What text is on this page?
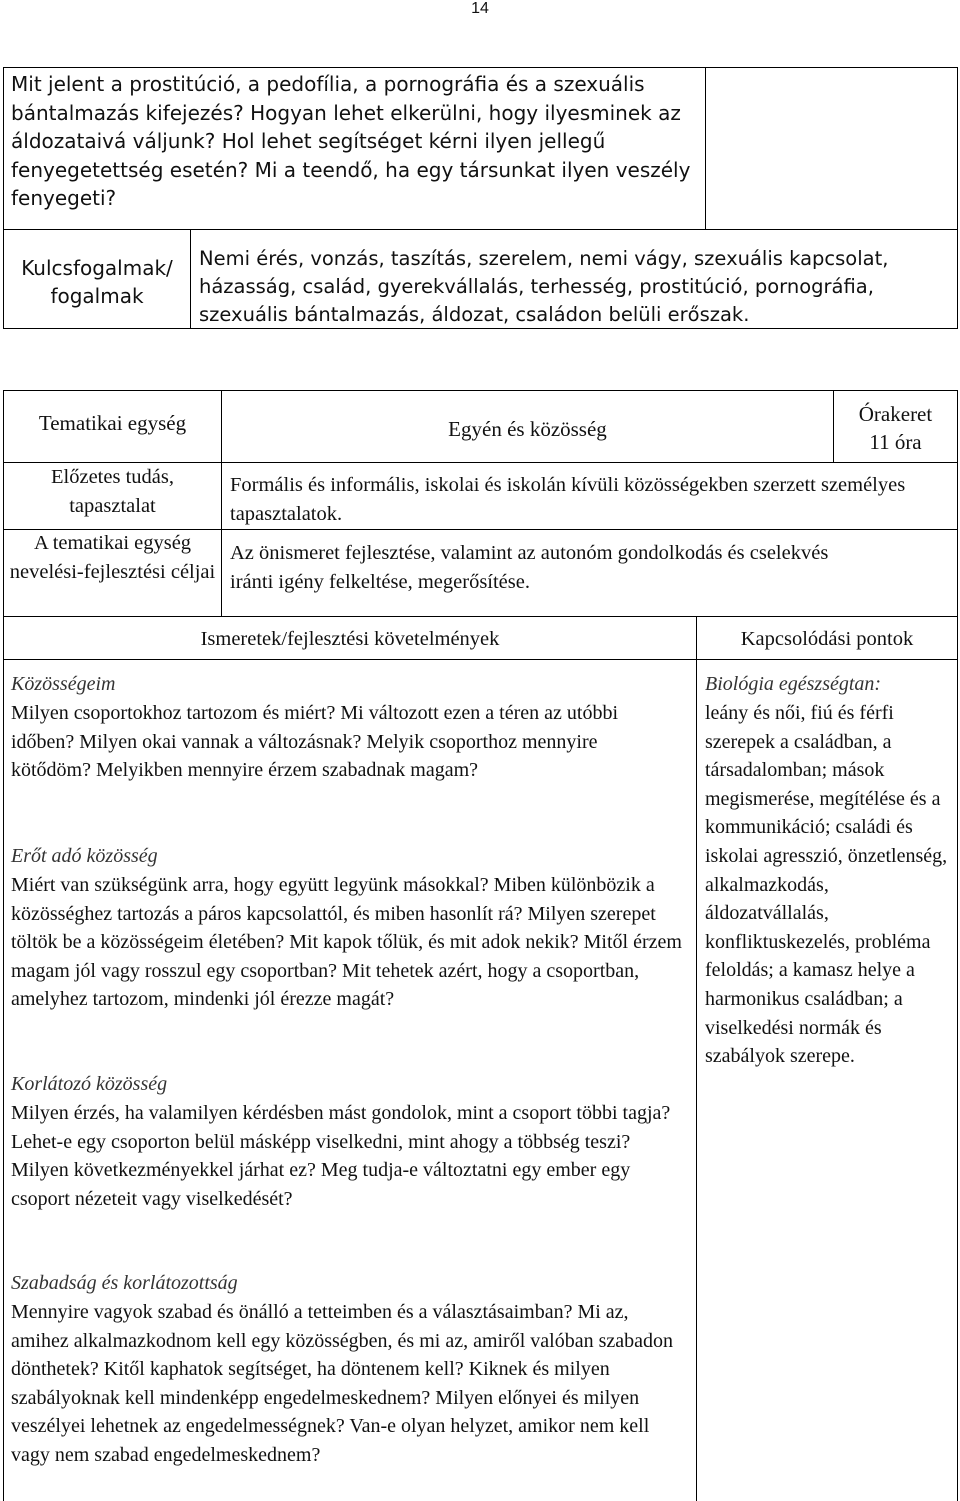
14
Mit jelent a prostitúció, a pedofília, a pornográfia és a szexuális bántalmazás kifejezés? Hogyan lehet elkerülni, hogy ilyesminek az áldozataivá váljunk? Hol lehet segítséget kérni ilyen jellegű fenyegetettség esetén? Mi a teendő, ha egy társunkat ilyen veszély fenyegeti?
Kulcsfogalmak/ fogalmak
Nemi érés, vonzás, taszítás, szerelem, nemi vágy, szexuális kapcsolat, házasság, család, gyerekvállalás, terhesség, prostitúció, pornográfia, szexuális bántalmazás, áldozat, családon belüli erőszak.
Tematikai egység	Egyén és közösség
Órakeret
11 óra
Előzetes tudás, tapasztalat
Formális és informális, iskolai és iskolán kívüli közösségekben szerzett személyes tapasztalatok.
A tematikai egység nevelési-fejlesztési céljai
Az önismeret fejlesztése, valamint az autonóm gondolkodás és cselekvés iránti igény felkeltése, megerősítése.
Ismeretek/fejlesztési követelmények	Kapcsolódási pontok
Közösségeim
Milyen csoportokhoz tartozom és miért? Mi változott ezen a téren az utóbbi időben? Milyen okai vannak a változásnak? Melyik csoporthoz mennyire kötődöm? Melyikben mennyire érzem szabadnak magam?
Erőt adó közösség
Miért van szükségünk arra, hogy együtt legyünk másokkal? Miben különbözik a közösséghez tartozás a páros kapcsolattól, és miben hasonlít rá? Milyen szerepet töltök be a közösségeim életében? Mit kapok tőlük, és mit adok nekik? Mitől érzem magam jól vagy rosszul egy csoportban? Mit tehetek azért, hogy a csoportban, amelyhez tartozom, mindenki jól érezze magát?
Korlátozó közösség
Milyen érzés, ha valamilyen kérdésben mást gondolok, mint a csoport többi tagja? Lehet-e egy csoporton belül másképp viselkedni, mint ahogy a többség teszi? Milyen következményekkel járhat ez? Meg tudja-e változtatni egy ember egy csoport nézeteit vagy viselkedését?
Szabadság és korlátozottság
Mennyire vagyok szabad és önálló a tetteimben és a választásaimban? Mi az, amihez alkalmazkodnom kell egy közösségben, és mi az, amiről valóban szabadon dönthetek? Kitől kaphatok segítséget, ha döntenem kell? Kiknek és milyen szabályoknak kell mindenképp engedelmeskednem? Milyen előnyei és milyen veszélyei lehetnek az engedelmességnek? Van-e olyan helyzet, amikor nem kell vagy nem szabad engedelmeskednem?
Biológia egészségtan:
leány és női, fiú és férfi szerepek a családban, a társadalomban; mások megismerése, megítélése és a kommunikáció; családi és iskolai agresszió, önzetlenség, alkalmazkodás, áldozatvállalás, konfliktuskezelés, probléma feloldás; a kamasz helye a harmonikus családban; a viselkedési normák és szabályok szerepe.
